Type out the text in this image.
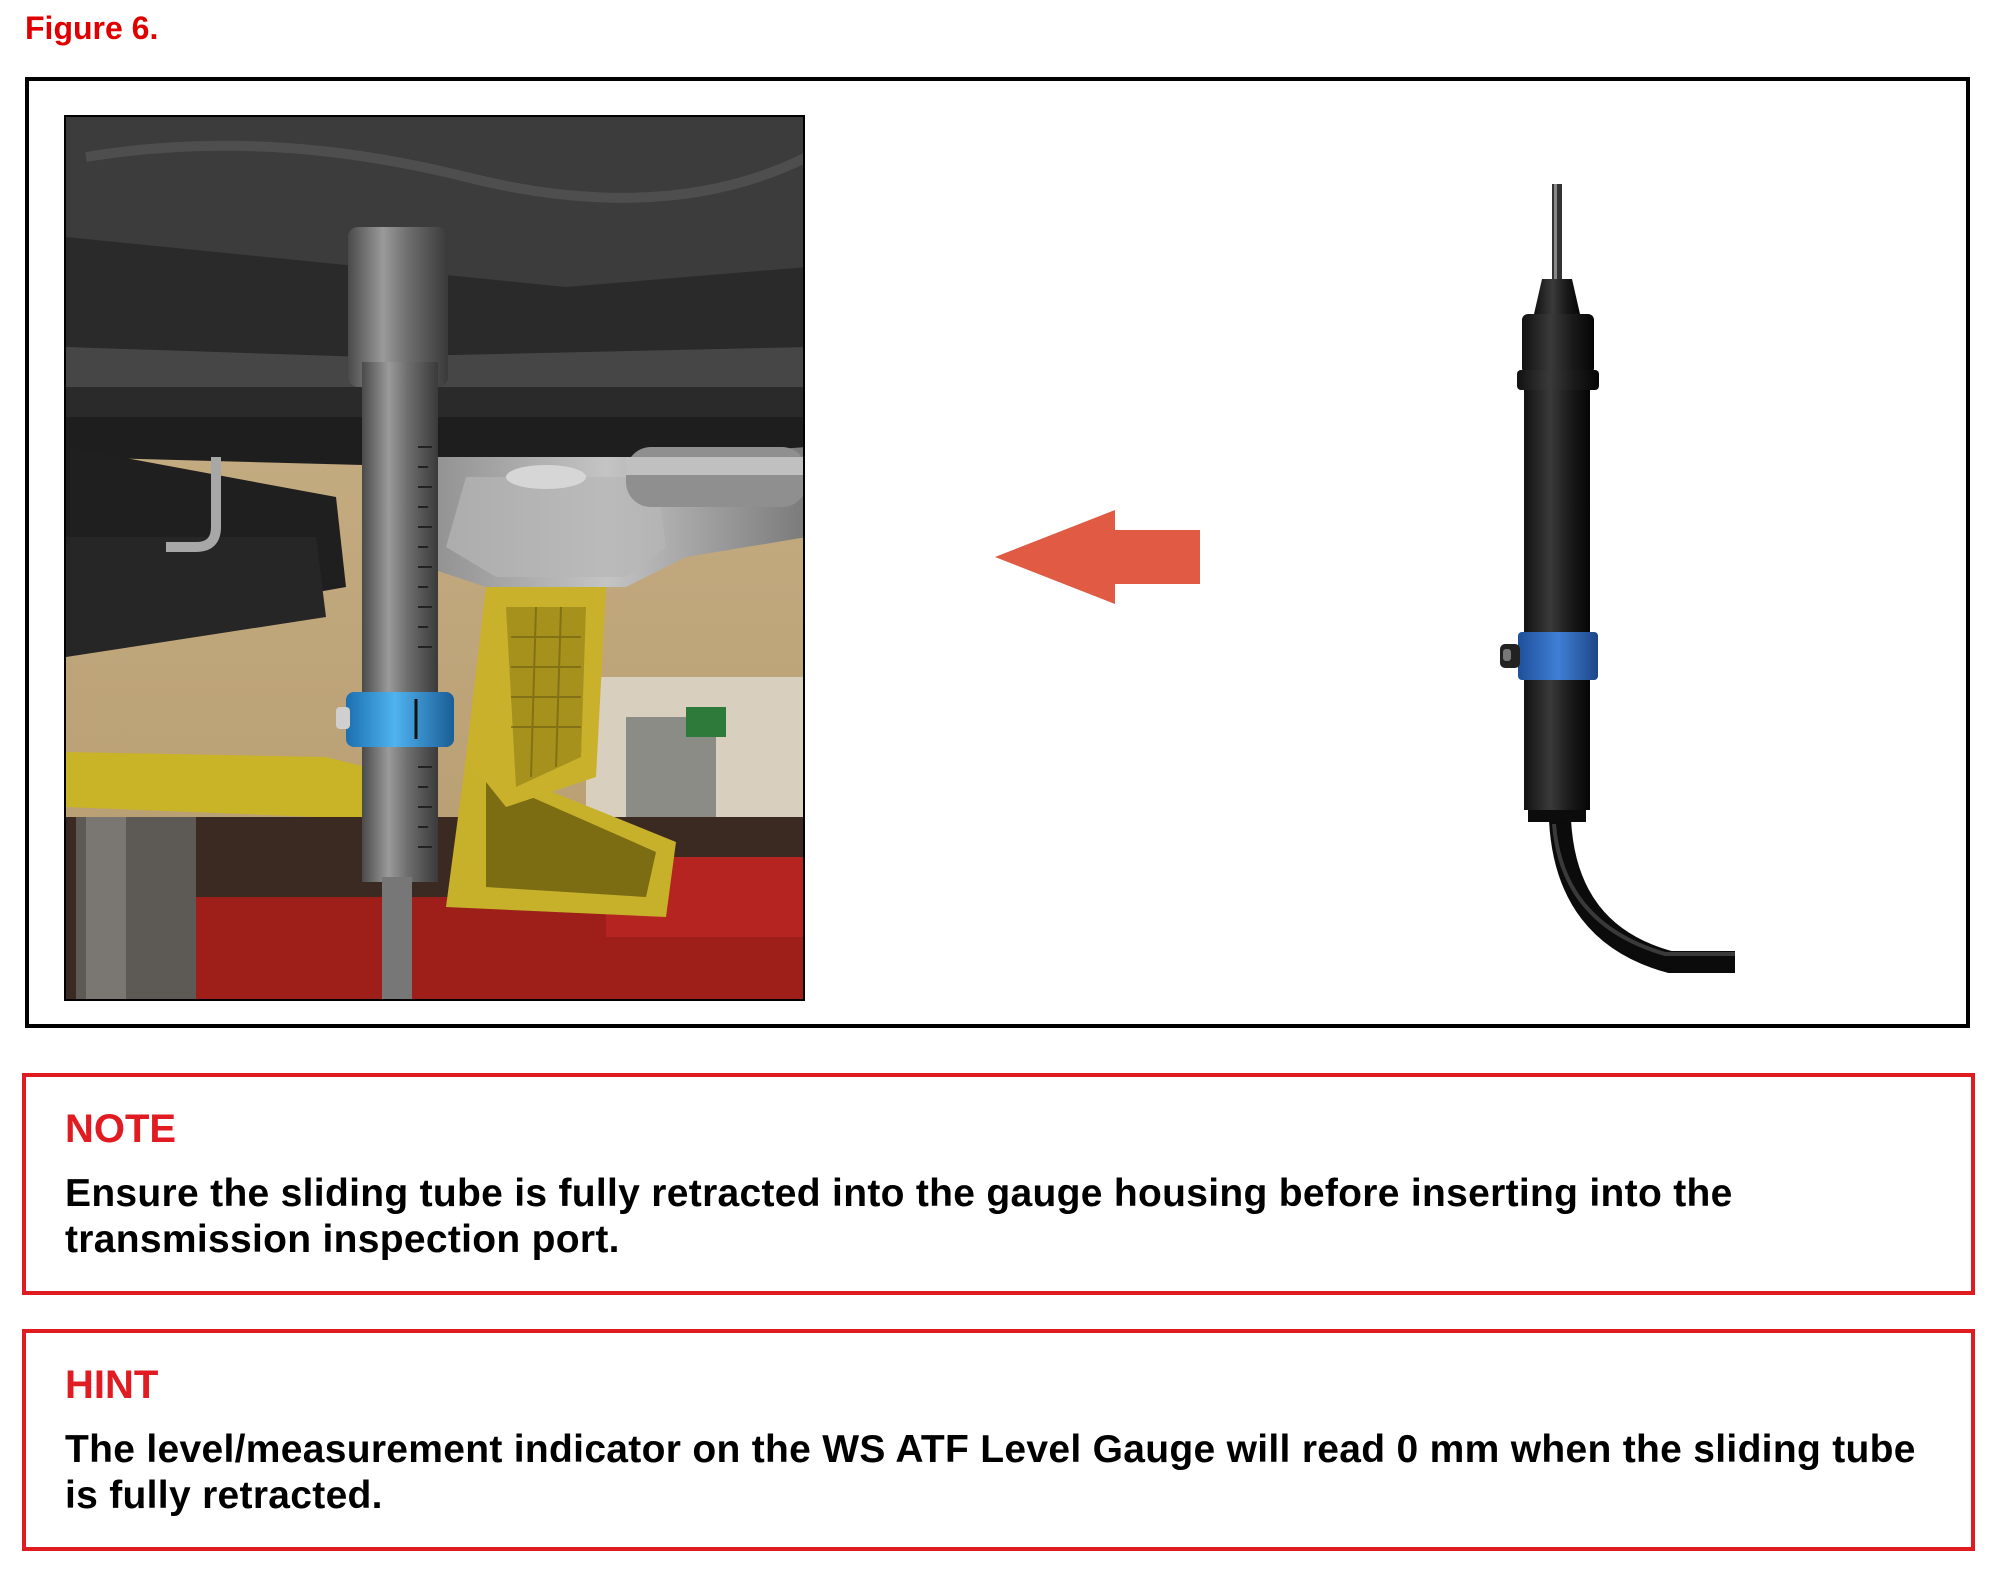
Figure 6.
NOTE
Ensure the sliding tube is fully retracted into the gauge housing before inserting into the transmission inspection port.
HINT
The level/measurement indicator on the WS ATF Level Gauge will read 0 mm when the sliding tube is fully retracted.
